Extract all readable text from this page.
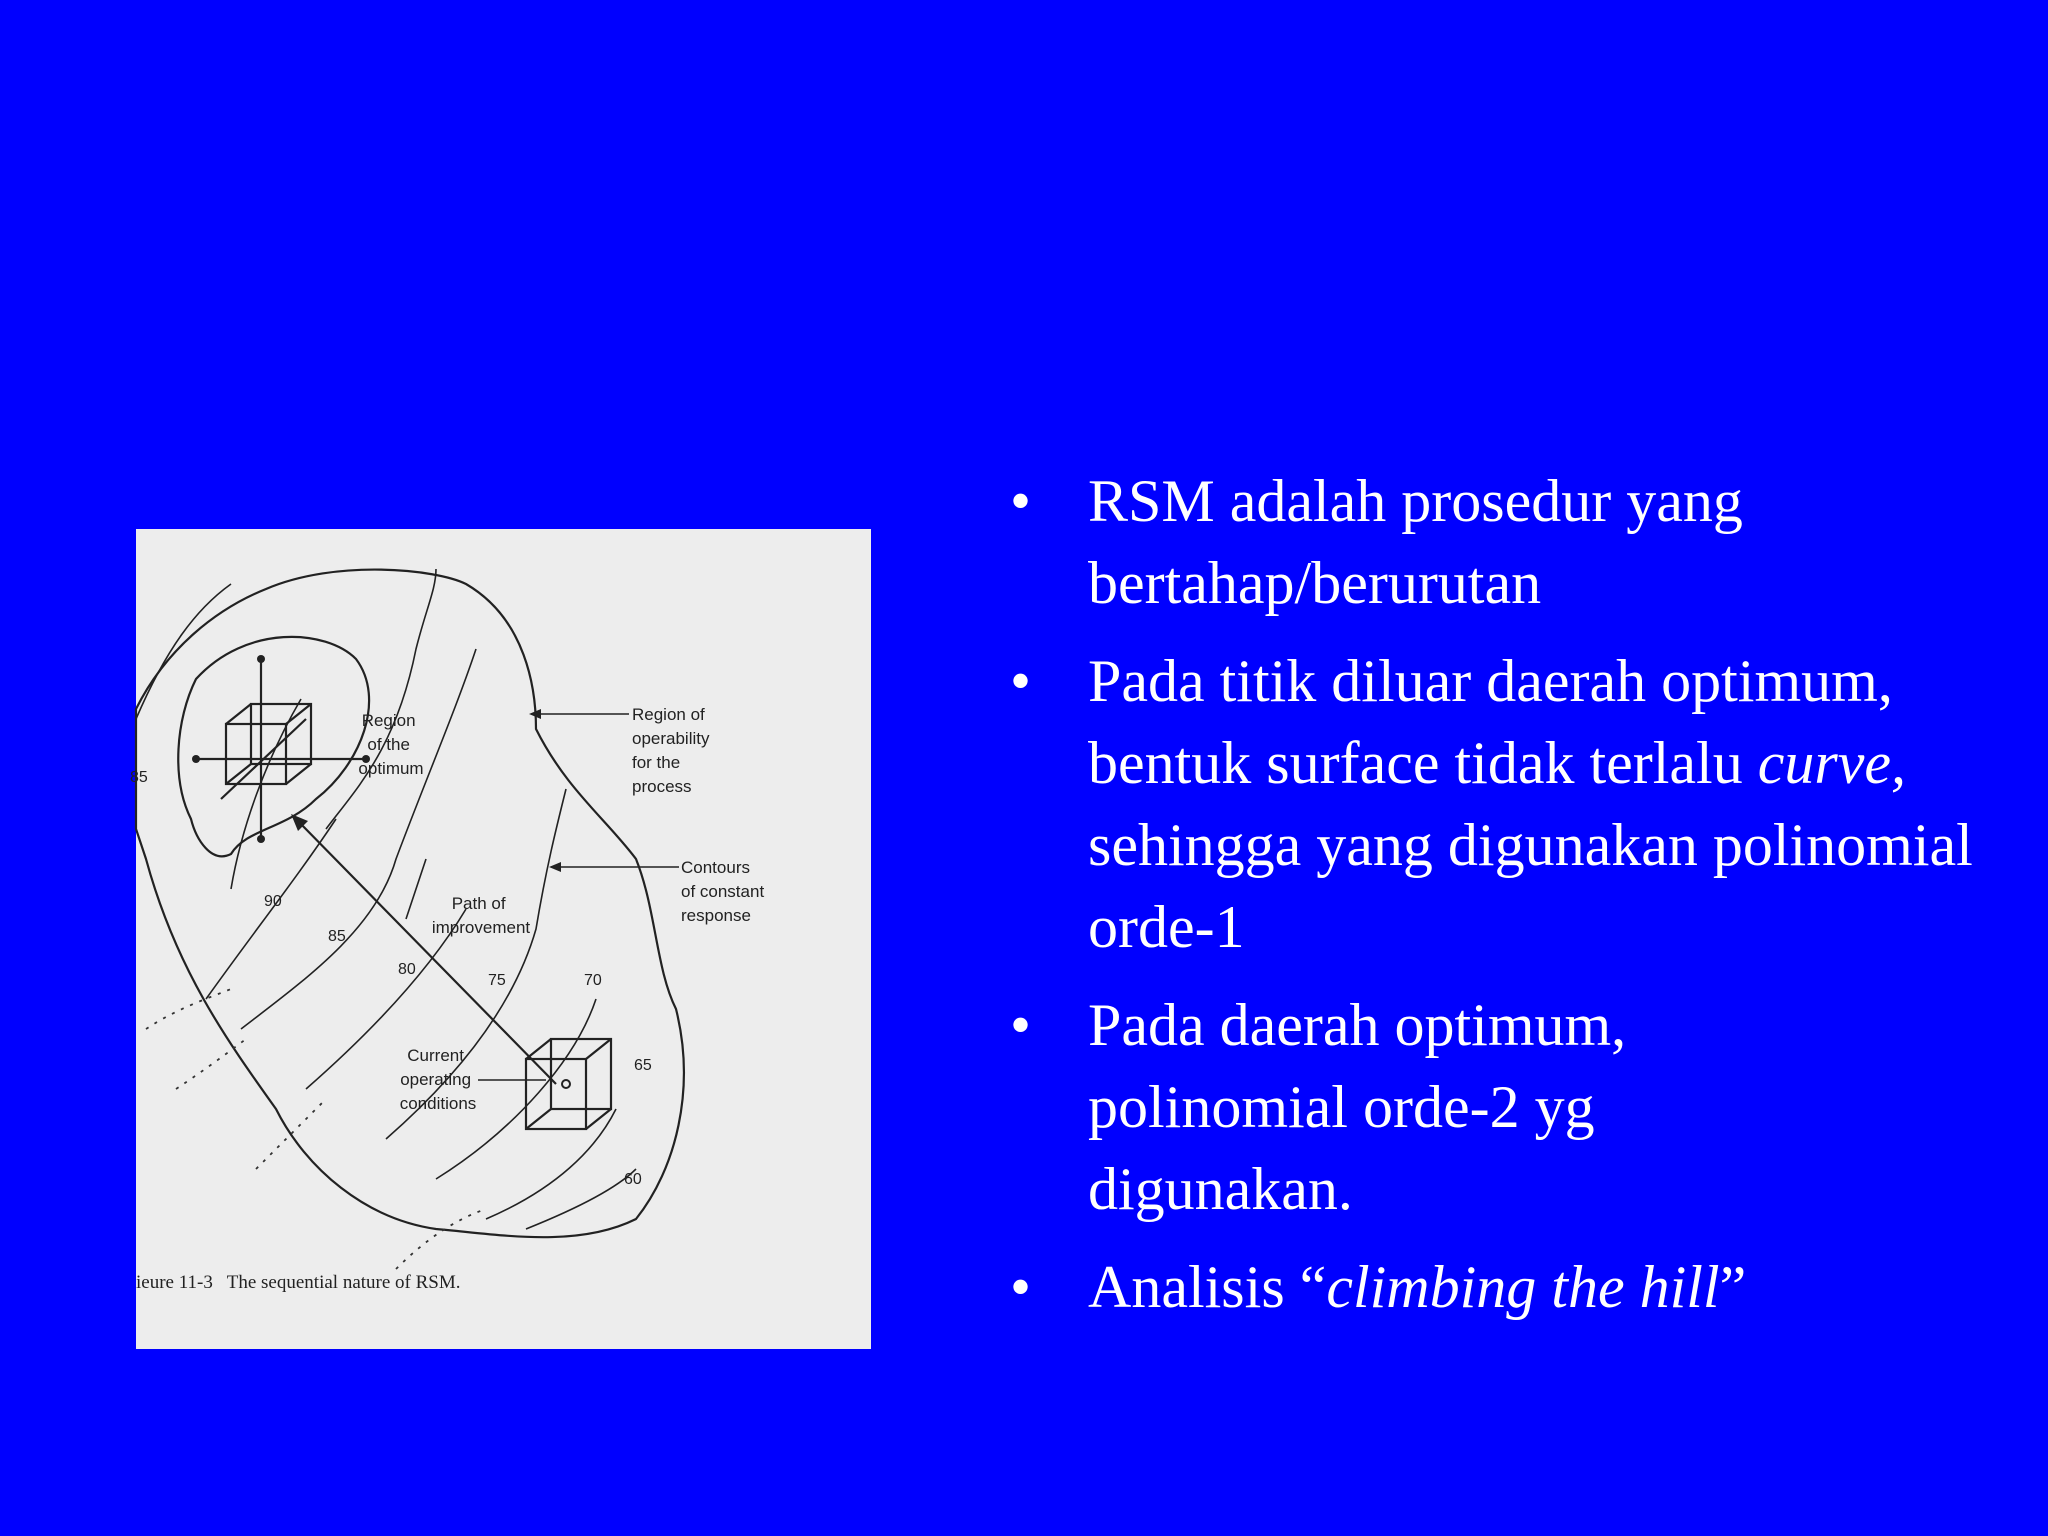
Region of the optimum
Region of operability for the process
Contours of constant response
Path of improvement
Current operating conditions
90
85
80
75	70
65
60
85
ieure 11-3   The sequential nature of RSM.
• RSM adalah prosedur yang
bertahap/berurutan
• Pada titik diluar daerah optimum, bentuk surface tidak terlalu curve, sehingga yang digunakan polinomial orde-1
• Pada daerah optimum,
polinomial orde-2 yg
digunakan.
• Analisis “climbing the hill”
